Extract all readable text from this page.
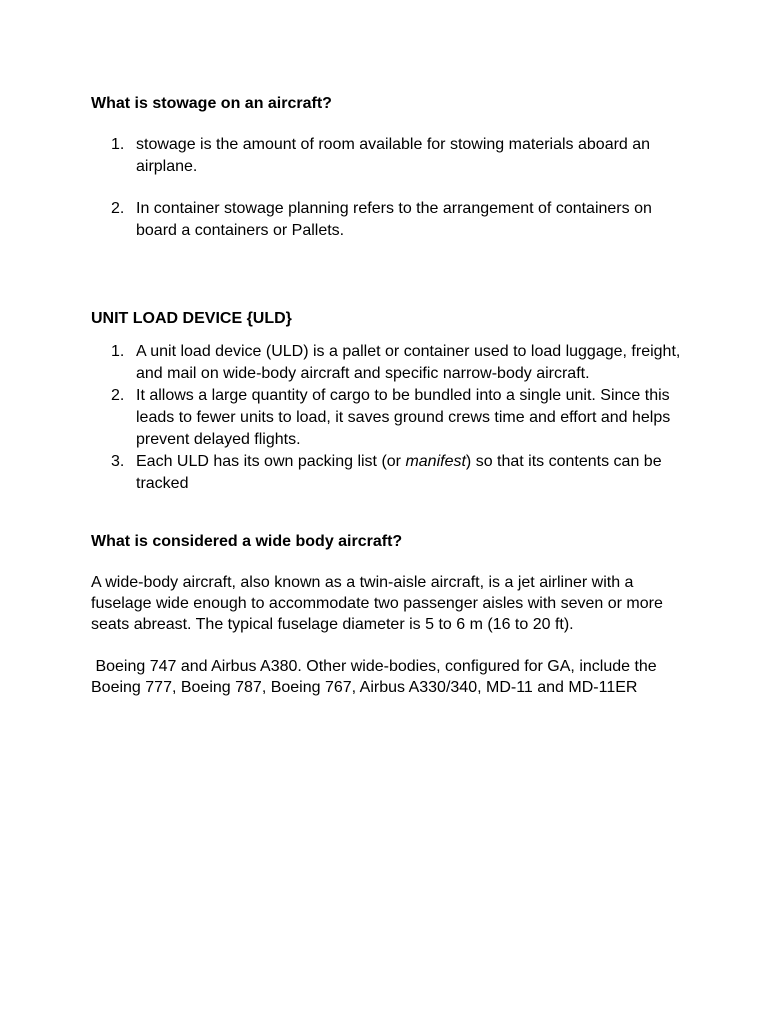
What is stowage on an aircraft?

1. stowage is the amount of room available for stowing materials aboard an airplane.
2. In container stowage planning refers to the arrangement of containers on board a containers or Pallets.

UNIT LOAD DEVICE {ULD}

1. A unit load device (ULD) is a pallet or container used to load luggage, freight, and mail on wide-body aircraft and specific narrow-body aircraft.
2. It allows a large quantity of cargo to be bundled into a single unit. Since this leads to fewer units to load, it saves ground crews time and effort and helps prevent delayed flights.
3. Each ULD has its own packing list (or manifest) so that its contents can be tracked

What is considered a wide body aircraft?

A wide-body aircraft, also known as a twin-aisle aircraft, is a jet airliner with a fuselage wide enough to accommodate two passenger aisles with seven or more seats abreast. The typical fuselage diameter is 5 to 6 m (16 to 20 ft).

Boeing 747 and Airbus A380. Other wide-bodies, configured for GA, include the Boeing 777, Boeing 787, Boeing 767, Airbus A330/340, MD-11 and MD-11ER
